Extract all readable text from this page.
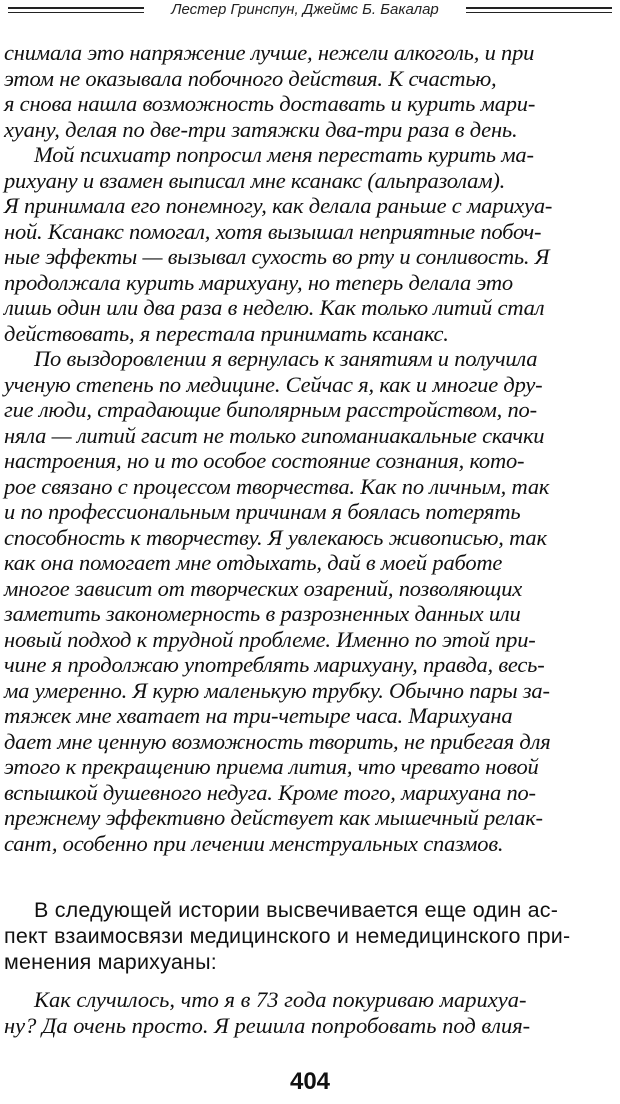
Лестер Гринспун, Джеймс Б. Бакалар
снимала это напряжение лучше, нежели алкоголь, и при
этом не оказывала побочного действия. К счастью,
я снова нашла возможность доставать и курить мари-
хуану, делая по две-три затяжки два-три раза в день.
Мой психиатр попросил меня перестать курить ма-
рихуану и взамен выписал мне ксанакс (альпразолам).
Я принимала его понемногу, как делала раньше с марихуа-
ной. Ксанакс помогал, хотя вызышал неприятные побоч-
ные эффекты — вызывал сухость во рту и сонливость. Я
продолжала курить марихуану, но теперь делала это
лишь один или два раза в неделю. Как только литий стал
действовать, я перестала принимать ксанакс.
По выздоровлении я вернулась к занятиям и получила
ученую степень по медицине. Сейчас я, как и многие дру-
гие люди, страдающие биполярным расстройством, по-
няла — литий гасит не только гипоманиакальные скачки
настроения, но и то особое состояние сознания, кото-
рое связано с процессом творчества. Как по личным, так
и по профессиональным причинам я боялась потерять
способность к творчеству. Я увлекаюсь живописью, так
как она помогает мне отдыхать, дай в моей работе
многое зависит от творческих озарений, позволяющих
заметить закономерность в разрозненных данных или
новый подход к трудной проблеме. Именно по этой при-
чине я продолжаю употреблять марихуану, правда, весь-
ма умеренно. Я курю маленькую трубку. Обычно пары за-
тяжек мне хватает на три-четыре часа. Марихуана
дает мне ценную возможность творить, не прибегая для
этого к прекращению приема лития, что чревато новой
вспышкой душевного недуга. Кроме того, марихуана по-
прежнему эффективно действует как мышечный релак-
сант, особенно при лечении менструальных спазмов.
В следующей истории высвечивается еще один ас-
пект взаимосвязи медицинского и немедицинского при-
менения марихуаны:
Как случилось, что я в 73 года покуриваю марихуа-
ну? Да очень просто. Я решила попробовать под влия-
404
